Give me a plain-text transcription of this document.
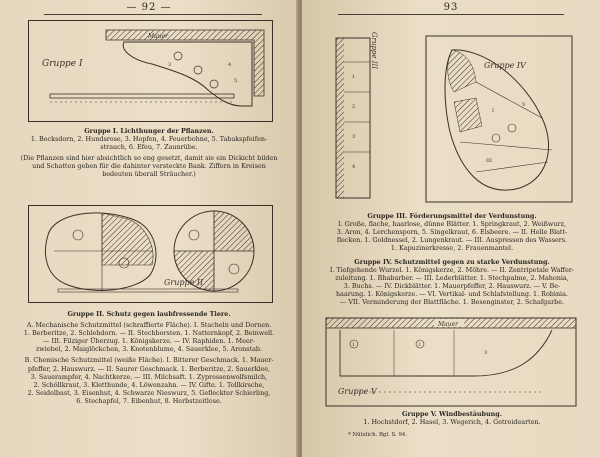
— 92 —
3	4
5
Mauer
Gruppe I
Gruppe I. Lichthunger der Pflanzen.
1. Bocksdorn, 2. Hundsrose, 3. Hopfen, 4. Feuerbohne, 5. Tabakspfeifen-
strauch, 6. Efeu, 7. Zaunrübe.
(Die Pflanzen sind hier absichtlich so eng gesetzt, damit sie ein Dickicht bilden
und Schatten geben für die dahinter versteckte Bank. Ziffern in Kreisen
bedeuten überall Sträucher.)
Gruppe II
Gruppe II. Schutz gegen laubfressende Tiere.
A. Mechanische Schutzmittel (schraffierte Fläche). I. Stacheln und Dornen.
1. Berberitze, 2. Schlehdorn. — II. Stechborsten. 1. Natternkopf, 2. Beinwell.
— III. Filziger Überzug. 1. Königskerze. — IV. Raphiden. 1. Meer-
zwiebel, 2. Maiglöckchen, 3. Knotenblume, 4. Sauerklee, 5. Aronstab.
B. Chemische Schutzmittel (weiße Fläche). I. Bitterer Geschmack. 1. Mauer-
pfeffer, 2. Hauswurz. — II. Saurer Geschmack. 1. Berberitze, 2. Sauerklee,
3. Sauerampfer, 4. Nachtkerze. — III. Milchsaft. 1. Zypressenwolfsmilch,
2. Schöllkraut, 3. Kletthunde, 4. Löwenzahn. — IV. Gifte. 1. Tollkirsche,
2. Seidelbast, 3. Eisenhut, 4. Schwarze Nieswurz, 5. Gefleckter Schierling,
6. Stechapfel, 7. Eibenhut, 8. Herbstzeitlose.
93
1
2
3
4
Gruppe III
I
V
III
Gruppe IV
Gruppe III. Förderungsmittel der Verdunstung.
I. Große, flache, haarlose, dünne Blätter. 1. Springkraut, 2. Weißwurz,
3. Aron, 4. Lerchensporn, 5. Singelkraut, 6. Elsbeere. — II. Helle Blatt-
flecken. 1. Goldnessel, 2. Lungenkraut. — III. Auspressen des Wassers.
1. Kapuzinerkresse, 2. Frauenmantel.
Gruppe IV. Schutzmittel gegen zu starke Verdunstung.
I. Tiefgehende Wurzel. 1. Königskerze, 2. Möhre. — II. Zentripetale Waffer-
zuleitung. 1. Rhabarber. — III. Lederblätter. 1. Stechpalme, 2. Mahonia,
3. Buchs. — IV. Dickblätter. 1. Mauerpfeffer, 2. Hauswurz. — V. Be-
haarung. 1. Königskerze. — VI. Vertikal- und Schlafstellung. 1. Robinia.
— VII. Verminderung der Blattfläche. 1. Besenginster, 2. Schafgarbe.
Mauer
1	2
3
Gruppe V
Gruppe V. Windbestäubung.
1. Hochstdorf, 2. Hasel, 3. Wegerich, 4. Getreidearten.
* Nützlich. Bgl. S. 94.
